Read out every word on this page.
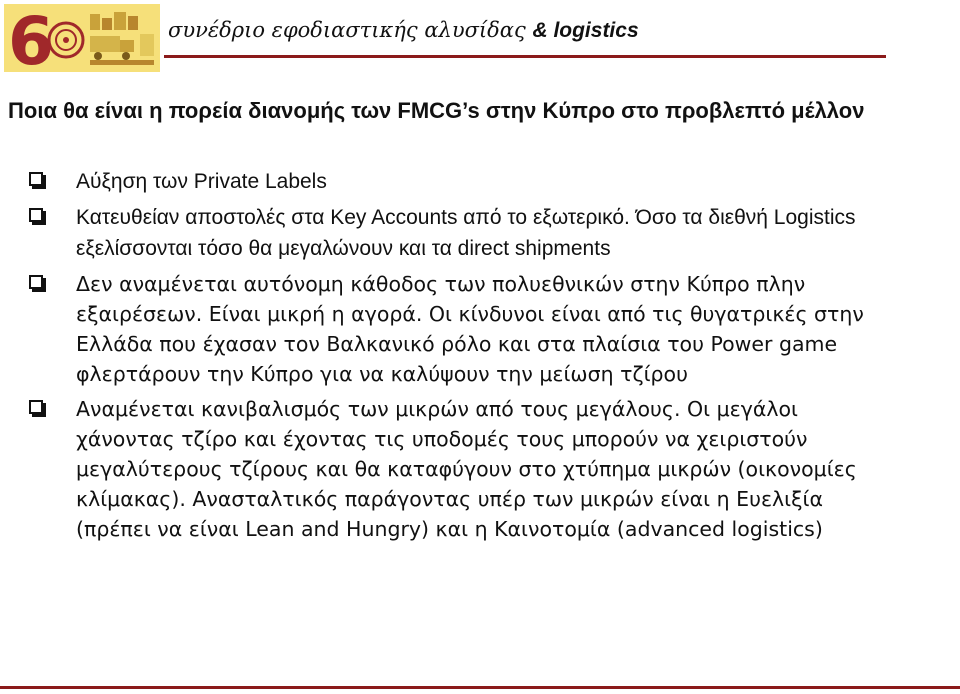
6	συνέδριο εφοδιαστικής αλυσίδας & logistics
Ποια θα είναι η πορεία διανομής των FMCG’s στην Κύπρο στο προβλεπτό μέλλον
Αύξηση των Private Labels
Κατευθείαν αποστολές στα Key Accounts από το εξωτερικό. Όσο τα διεθνή Logistics εξελίσσονται τόσο θα μεγαλώνουν και τα direct shipments
Δεν αναμένεται αυτόνομη κάθοδος των πολυεθνικών στην Κύπρο πλην εξαιρέσεων. Είναι μικρή η αγορά. Οι κίνδυνοι είναι από τις θυγατρικές στην Ελλάδα που έχασαν τον Βαλκανικό ρόλο και στα πλαίσια του Power game φλερτάρουν την Κύπρο για να καλύψουν την μείωση τζίρου
Αναμένεται κανιβαλισμός των μικρών από τους μεγάλους. Οι μεγάλοι χάνοντας τζίρο και έχοντας τις υποδομές τους μπορούν να χειριστούν μεγαλύτερους τζίρους και θα καταφύγουν στο χτύπημα μικρών (οικονομίες κλίμακας). Ανασταλτικός παράγοντας υπέρ των μικρών είναι η Ευελιξία (πρέπει να είναι Lean and Hungry) και η Καινοτομία (advanced logistics)
